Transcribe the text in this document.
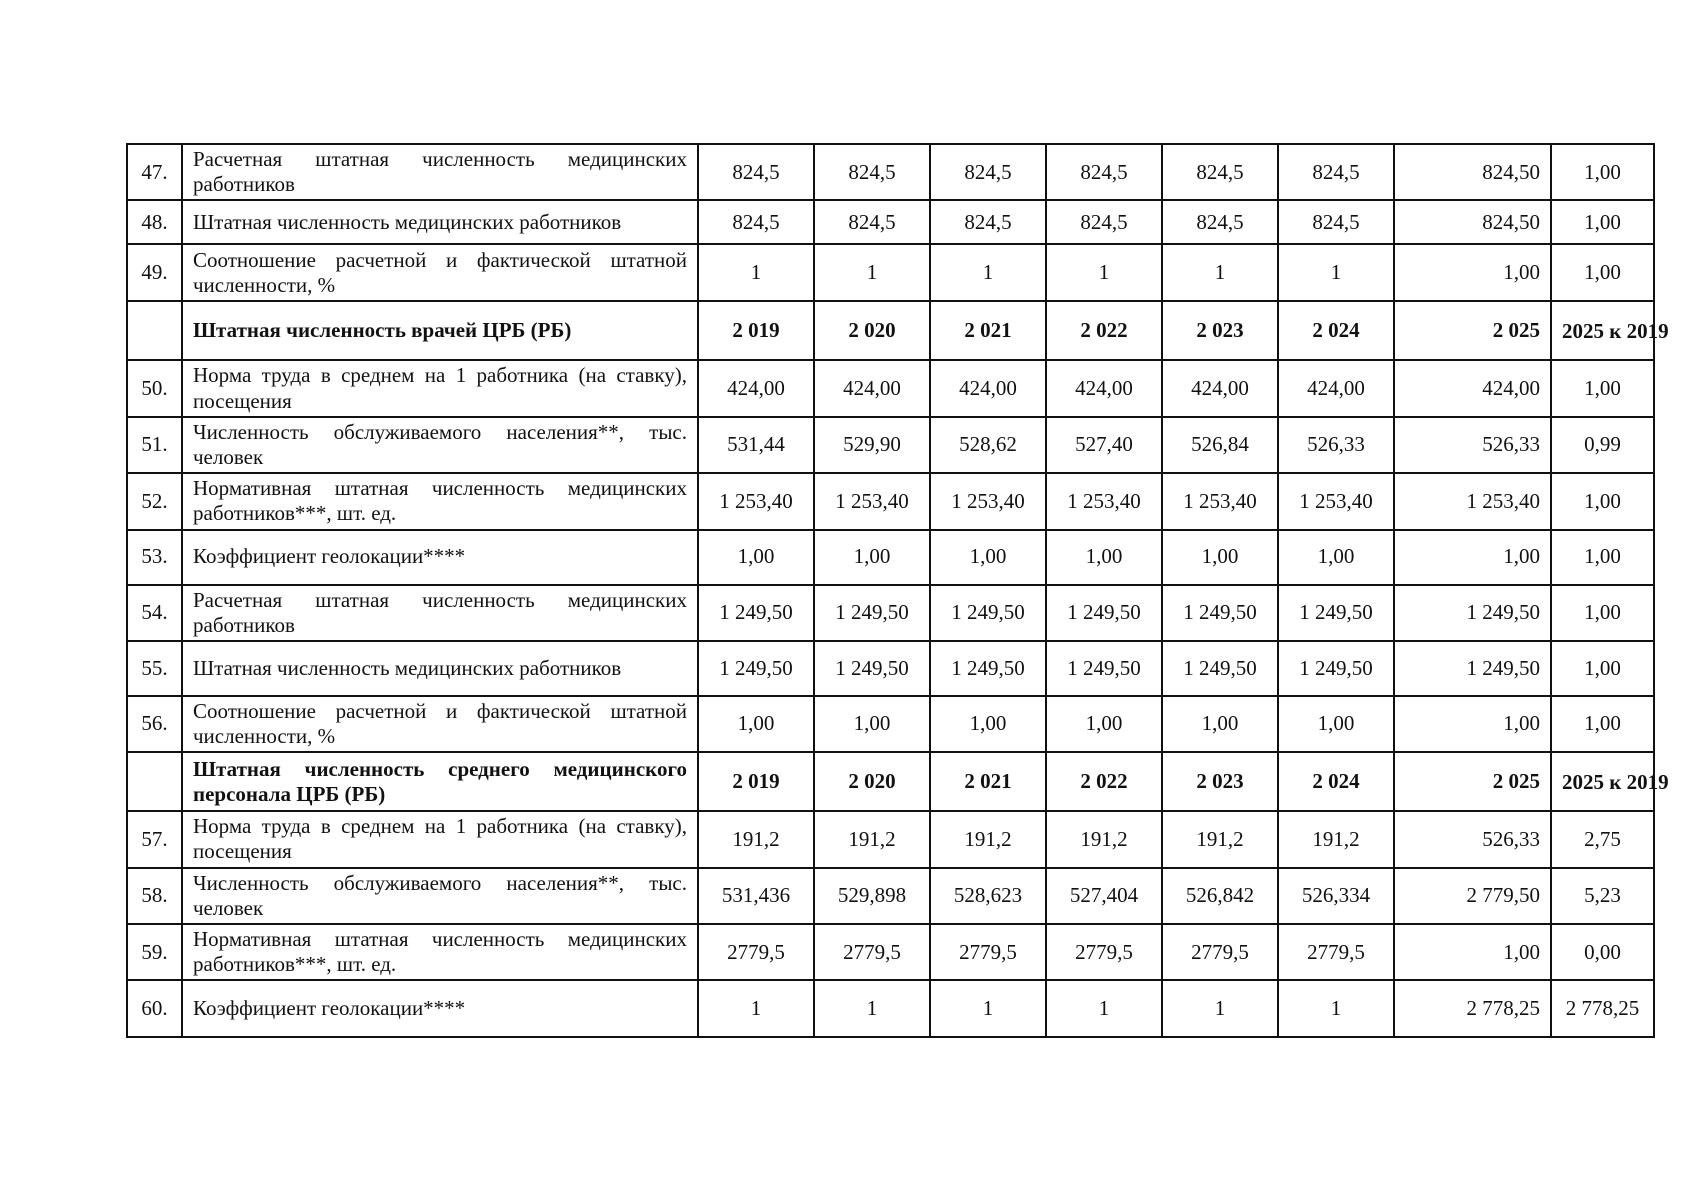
47.	Расчетная штатная численность медицинских работников	824,5	824,5	824,5	824,5	824,5	824,5	824,50	1,00
48.	Штатная численность медицинских работников	824,5	824,5	824,5	824,5	824,5	824,5	824,50	1,00
49.	Соотношение расчетной и фактической штатной численности, %	1	1	1	1	1	1	1,00	1,00
	Штатная численность врачей ЦРБ (РБ)	2 019	2 020	2 021	2 022	2 023	2 024	2 025	2025 к 2019
50.	Норма труда в среднем на 1 работника (на ставку), посещения	424,00	424,00	424,00	424,00	424,00	424,00	424,00	1,00
51.	Численность обслуживаемого населения**, тыс. человек	531,44	529,90	528,62	527,40	526,84	526,33	526,33	0,99
52.	Нормативная штатная численность медицинских работников***, шт. ед.	1 253,40	1 253,40	1 253,40	1 253,40	1 253,40	1 253,40	1 253,40	1,00
53.	Коэффициент геолокации****	1,00	1,00	1,00	1,00	1,00	1,00	1,00	1,00
54.	Расчетная штатная численность медицинских работников	1 249,50	1 249,50	1 249,50	1 249,50	1 249,50	1 249,50	1 249,50	1,00
55.	Штатная численность медицинских работников	1 249,50	1 249,50	1 249,50	1 249,50	1 249,50	1 249,50	1 249,50	1,00
56.	Соотношение расчетной и фактической штатной численности, %	1,00	1,00	1,00	1,00	1,00	1,00	1,00	1,00
	Штатная численность среднего медицинского персонала ЦРБ (РБ)	2 019	2 020	2 021	2 022	2 023	2 024	2 025	2025 к 2019
57.	Норма труда в среднем на 1 работника (на ставку), посещения	191,2	191,2	191,2	191,2	191,2	191,2	526,33	2,75
58.	Численность обслуживаемого населения**, тыс. человек	531,436	529,898	528,623	527,404	526,842	526,334	2 779,50	5,23
59.	Нормативная штатная численность медицинских работников***, шт. ед.	2779,5	2779,5	2779,5	2779,5	2779,5	2779,5	1,00	0,00
60.	Коэффициент геолокации****	1	1	1	1	1	1	2 778,25	2 778,25
